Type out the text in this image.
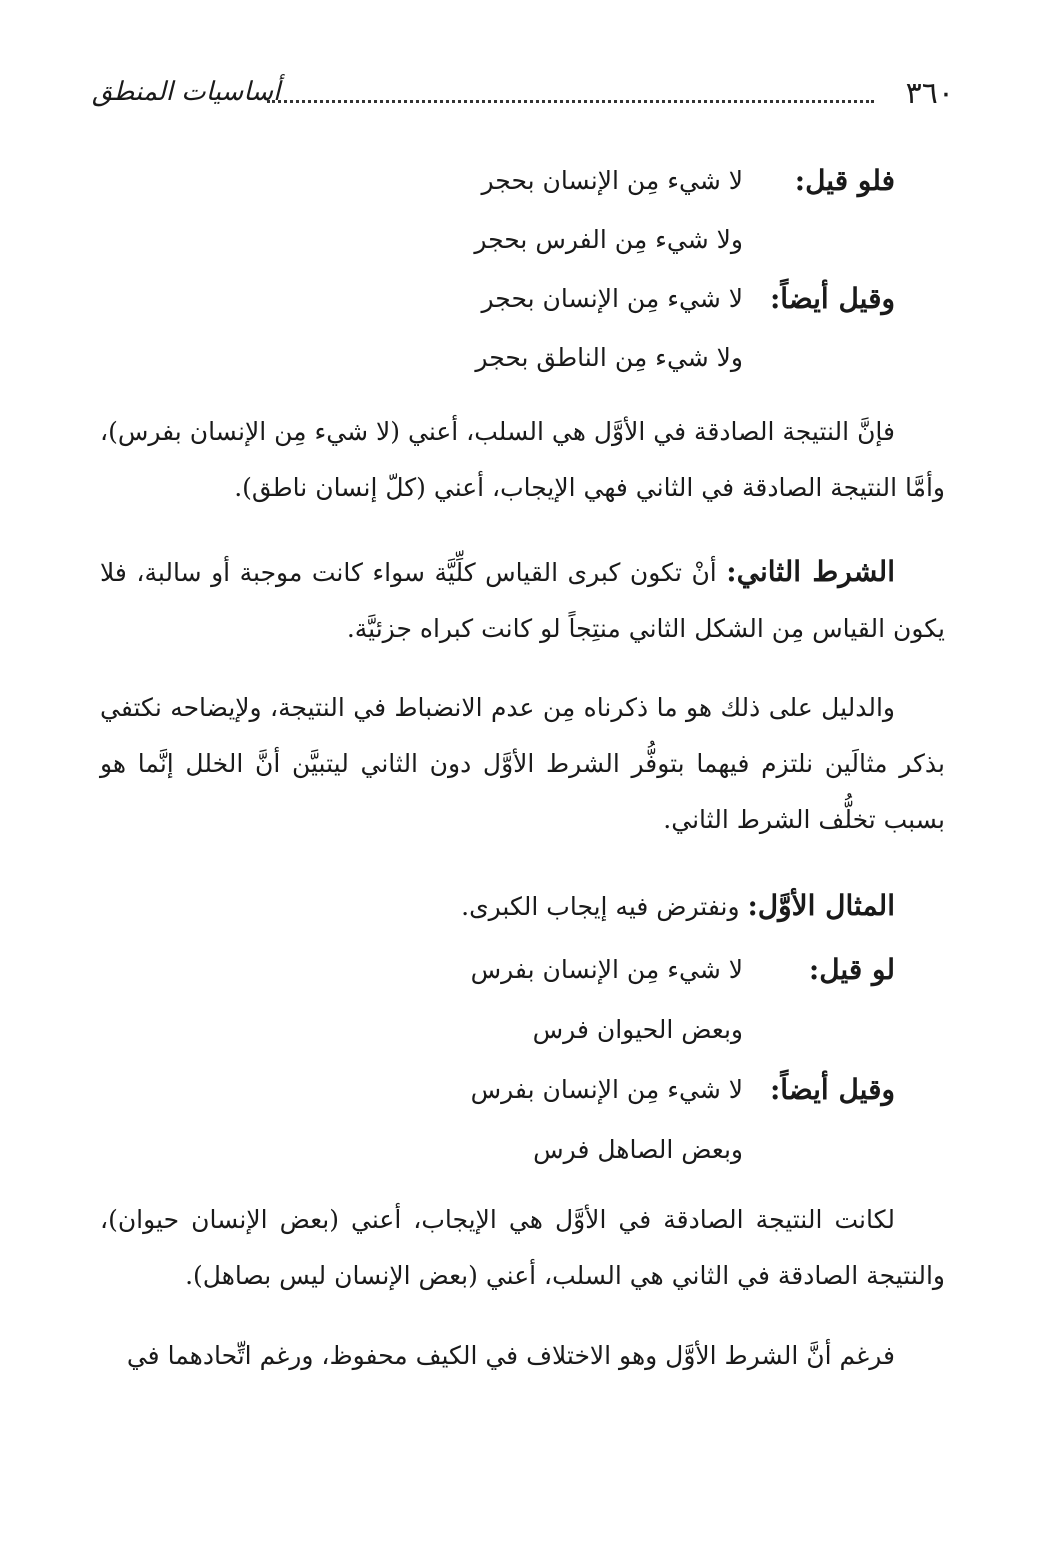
٣٦٠
أساسيات المنطق
فلو قيل:
لا شيء مِن الإنسان بحجر
ولا شيء مِن الفرس بحجر
وقيل أيضاً:
لا شيء مِن الإنسان بحجر
ولا شيء مِن الناطق بحجر

فإنَّ النتيجة الصادقة في الأوَّل هي السلب، أعني (لا شيء مِن الإنسان بفرس)، وأمَّا النتيجة الصادقة في الثاني فهي الإيجاب، أعني (كلّ إنسان ناطق).

الشرط الثاني: أنْ تكون كبرى القياس كلِّيَّة سواء كانت موجبة أو سالبة، فلا يكون القياس مِن الشكل الثاني منتِجاً لو كانت كبراه جزئيَّة.

والدليل على ذلك هو ما ذكرناه مِن عدم الانضباط في النتيجة، ولإيضاحه نكتفي بذكر مثالَين نلتزم فيهما بتوفُّر الشرط الأوَّل دون الثاني ليتبيَّن أنَّ الخلل إنَّما هو بسبب تخلُّف الشرط الثاني.

المثال الأوَّل: ونفترض فيه إيجاب الكبرى.
لو قيل:
لا شيء مِن الإنسان بفرس
وبعض الحيوان فرس
وقيل أيضاً:
لا شيء مِن الإنسان بفرس
وبعض الصاهل فرس

لكانت النتيجة الصادقة في الأوَّل هي الإيجاب، أعني (بعض الإنسان حيوان)، والنتيجة الصادقة في الثاني هي السلب، أعني (بعض الإنسان ليس بصاهل).

فرغم أنَّ الشرط الأوَّل وهو الاختلاف في الكيف محفوظ، ورغم اتِّحادهما في
